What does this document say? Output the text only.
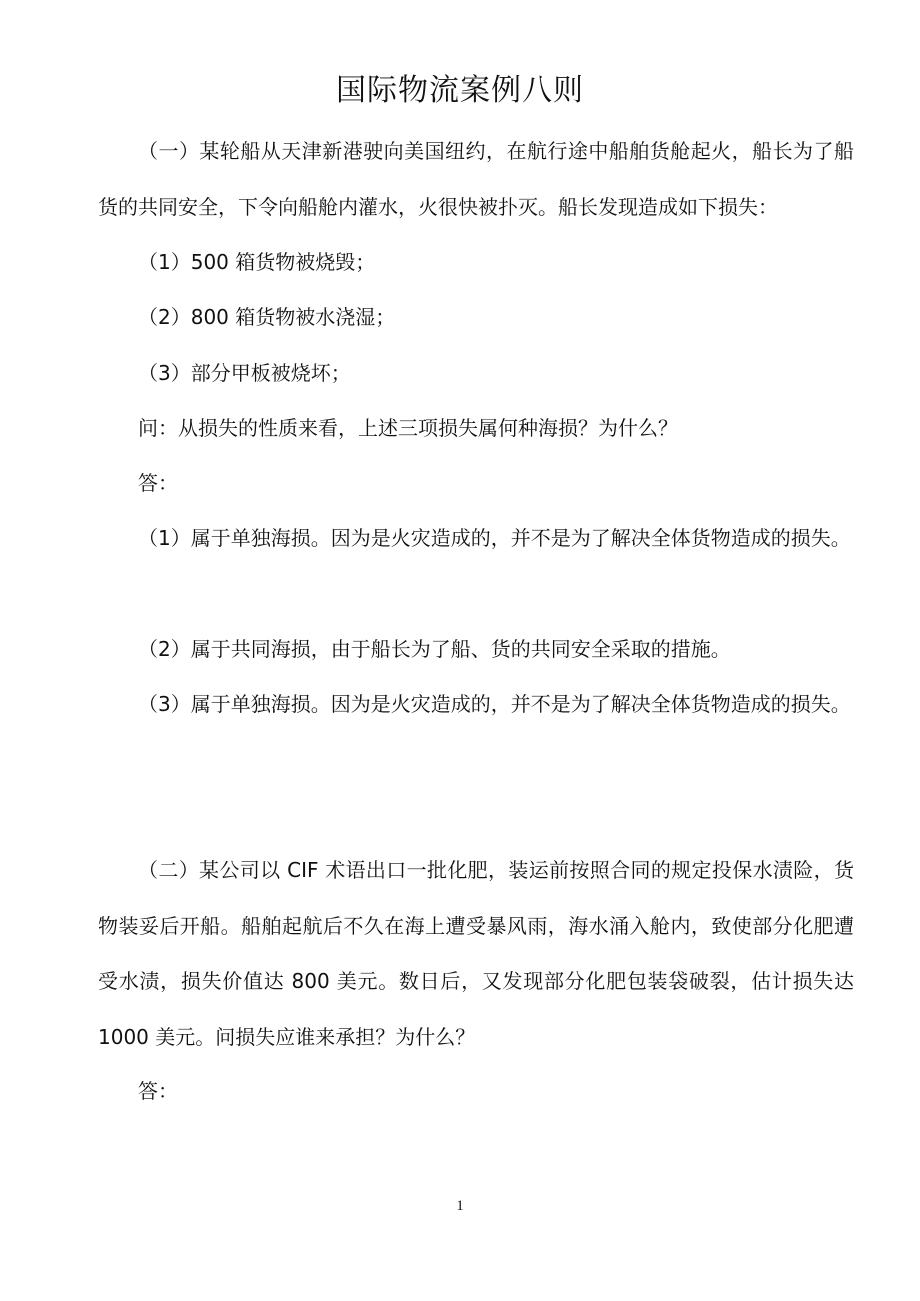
国际物流案例八则

（一）某轮船从天津新港驶向美国纽约，在航行途中船舶货舱起火，船长为了船货的共同安全，下令向船舱内灌水，火很快被扑灭。船长发现造成如下损失：

（1）500 箱货物被烧毁；

（2）800 箱货物被水浇湿；

（3）部分甲板被烧坏；

问：从损失的性质来看，上述三项损失属何种海损？为什么？

答：

（1）属于单独海损。因为是火灾造成的，并不是为了解决全体货物造成的损失。

（2）属于共同海损，由于船长为了船、货的共同安全采取的措施。

（3）属于单独海损。因为是火灾造成的，并不是为了解决全体货物造成的损失。

（二）某公司以 CIF 术语出口一批化肥，装运前按照合同的规定投保水渍险，货物装妥后开船。船舶起航后不久在海上遭受暴风雨，海水涌入舱内，致使部分化肥遭受水渍，损失价值达 800 美元。数日后，又发现部分化肥包装袋破裂，估计损失达 1000 美元。问损失应谁来承担？为什么？

答：

1
